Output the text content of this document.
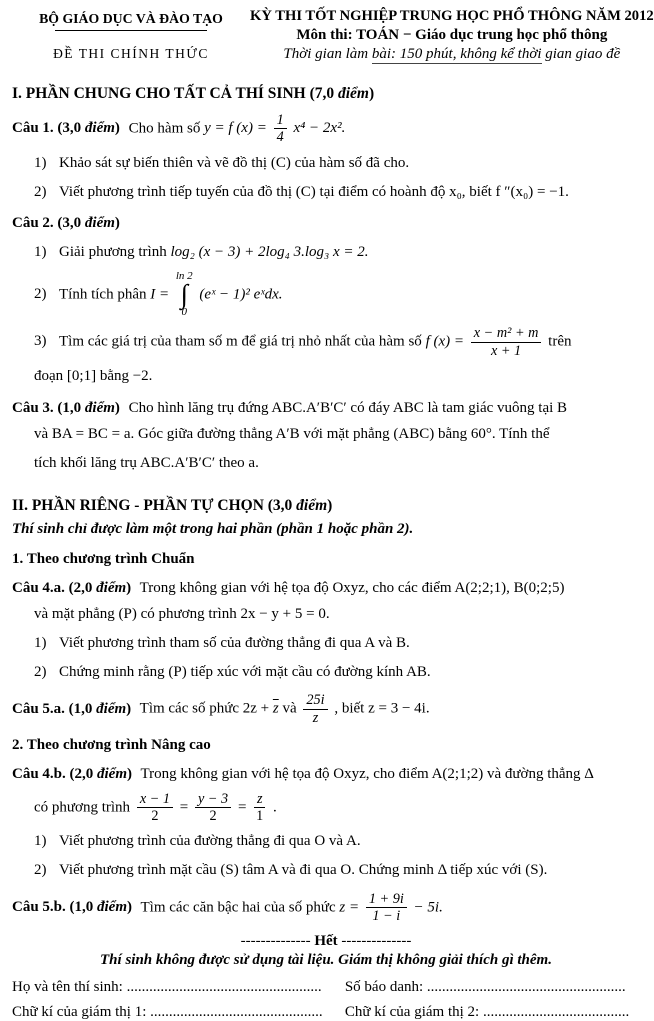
BỘ GIÁO DỤC VÀ ĐÀO TẠO
ĐỀ THI CHÍNH THỨC
KỲ THI TỐT NGHIỆP TRUNG HỌC PHỔ THÔNG NĂM 2012
Môn thi: TOÁN − Giáo dục trung học phổ thông
Thời gian làm bài: 150 phút, không kể thời gian giao đề
I. PHẦN CHUNG CHO TẤT CẢ THÍ SINH (7,0 điểm)
Câu 1. (3,0 điểm) Cho hàm số y = f $(x) = \frac{1}{4} x^4 - 2x^2$.
1) Khảo sát sự biến thiên và vẽ đồ thị (C) của hàm số đã cho.
2) Viết phương trình tiếp tuyến của đồ thị (C) tại điểm có hoành độ x₀, biết f ″(x₀) = −1.
Câu 2. (3,0 điểm)
1) Giải phương trình log₂ (x − 3) + 2log₄ 3.log₃ x = 2.
2) Tính tích phân I =
ln 2
∫
0
(eˣ − 1)² eˣdx.
3) Tìm các giá trị của tham số m để giá trị nhỏ nhất của hàm số f $(x) = \frac{\text{x − m² + m}}{x + 1}$ trên
đoạn [0;1] bằng −2.
Câu 3. (1,0 điểm) Cho hình lăng trụ đứng ABC.A′B′C′ có đáy ABC là tam giác vuông tại B
và BA = BC = a. Góc giữa đường thẳng A′B với mặt phẳng (ABC) bằng 60°. Tính thể
tích khối lăng trụ ABC.A′B′C′ theo a.
II. PHẦN RIÊNG - PHẦN TỰ CHỌN (3,0 điểm)
Thí sinh chỉ được làm một trong hai phần (phần 1 hoặc phần 2).
1. Theo chương trình Chuẩn
Câu 4.a. (2,0 điểm) Trong không gian với hệ tọa độ Oxyz, cho các điểm A(2;2;1), B(0;2;5)
và mặt phẳng (P) có phương trình 2x − y + 5 = 0.
1) Viết phương trình tham số của đường thẳng đi qua A và B.
2) Chứng minh rằng (P) tiếp xúc với mặt cầu có đường kính AB.
Câu 5.a. (1,0 điểm) Tìm các số phức $2z + \overline{z}$ và $\frac{25i}{z}$ , biết z = 3 − 4i.
2. Theo chương trình Nâng cao
Câu 4.b. (2,0 điểm) Trong không gian với hệ tọa độ Oxyz, cho điểm A(2;1;2) và đường thẳng Δ
có phương trình $\frac{x - 1}{2} = \frac{y - 3}{2} = \frac{z}{1}$ .
1) Viết phương trình của đường thẳng đi qua O và A.
2) Viết phương trình mặt cầu (S) tâm A và đi qua O. Chứng minh Δ tiếp xúc với (S).
Câu 5.b. (1,0 điểm) Tìm các căn bậc hai của số phức $z = \frac{1 + 9i}{1 - i} - 5i$.
-------------- Hết --------------
Thí sinh không được sử dụng tài liệu. Giám thị không giải thích gì thêm.
Họ và tên thí sinh: ....................................................	Số báo danh: .....................................................
Chữ kí của giám thị 1: ..............................................	Chữ kí của giám thị 2: .......................................
